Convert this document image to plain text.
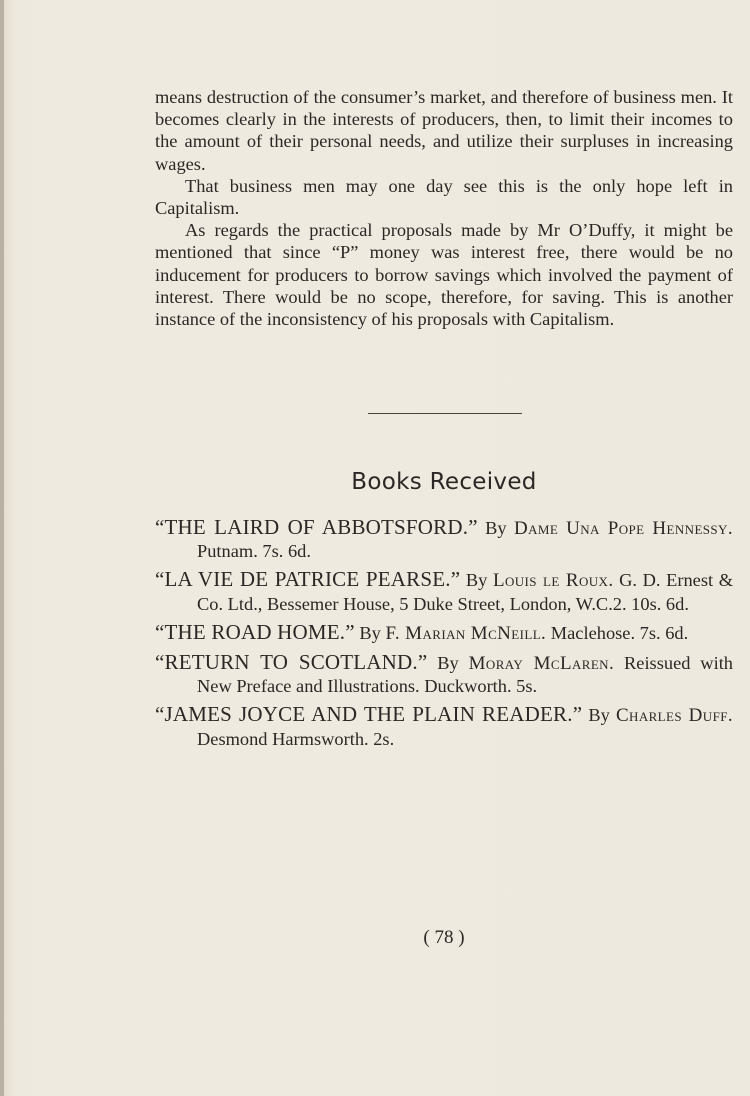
means destruction of the consumer’s market, and therefore of business men. It becomes clearly in the interests of producers, then, to limit their incomes to the amount of their personal needs, and utilize their surpluses in increasing wages.

That business men may one day see this is the only hope left in Capitalism.

As regards the practical proposals made by Mr O’Duffy, it might be mentioned that since “P” money was interest free, there would be no inducement for producers to borrow savings which involved the payment of interest. There would be no scope, therefore, for saving. This is another instance of the inconsistency of his proposals with Capitalism.

Books Received
“THE LAIRD OF ABBOTSFORD.” By Dame Una Pope Hennessy. Putnam. 7s. 6d.
“LA VIE DE PATRICE PEARSE.” By Louis le Roux. G. D. Ernest & Co. Ltd., Bessemer House, 5 Duke Street, London, W.C.2. 10s. 6d.
“THE ROAD HOME.” By F. Marian McNeill. Maclehose. 7s. 6d.
“RETURN TO SCOTLAND.” By Moray McLaren. Reissued with New Preface and Illustrations. Duckworth. 5s.
“JAMES JOYCE AND THE PLAIN READER.” By Charles Duff. Desmond Harmsworth. 2s.
( 78 )
